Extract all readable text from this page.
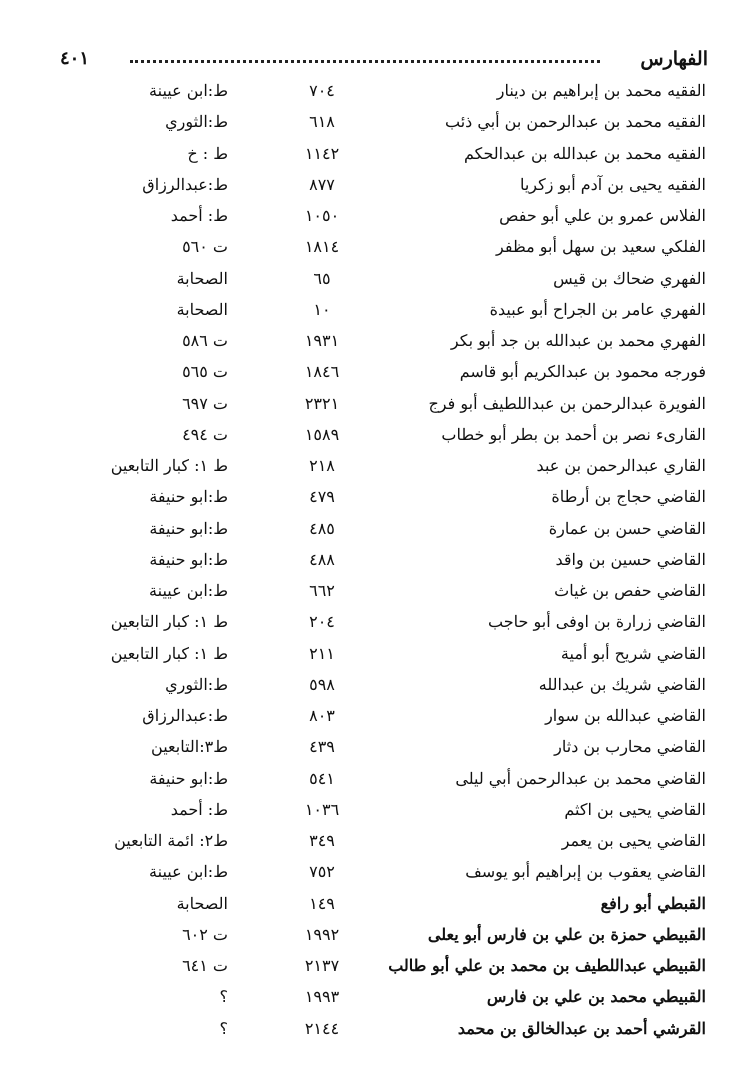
الفهارس
٤٠١
الفقيه محمد بن إبراهيم بن دينار
٧٠٤
ط:ابن عيينة
الفقيه محمد بن عبدالرحمن بن أبي ذئب
٦١٨
ط:الثوري
الفقيه محمد بن عبدالله بن عبدالحكم
١١٤٢
ط : خ
الفقيه يحيى بن آدم أبو زكريا
٨٧٧
ط:عبدالرزاق
الفلاس عمرو بن علي أبو حفص
١٠٥٠
ط: أحمد
الفلكي سعيد بن سهل أبو مظفر
١٨١٤
ت ٥٦٠
الفهري ضحاك بن قيس
٦٥
الصحابة
الفهري عامر بن الجراح أبو عبيدة
١٠
الصحابة
الفهري محمد بن عبدالله بن جد أبو بكر
١٩٣١
ت ٥٨٦
فورجه محمود بن عبدالكريم أبو قاسم
١٨٤٦
ت ٥٦٥
الفويرة عبدالرحمن بن عبداللطيف أبو فرج
٢٣٢١
ت ٦٩٧
القارىء نصر بن أحمد بن بطر أبو خطاب
١٥٨٩
ت ٤٩٤
القاري عبدالرحمن بن عبد
٢١٨
ط ١: كبار التابعين
القاضي حجاج بن أرطاة
٤٧٩
ط:ابو حنيفة
القاضي حسن بن عمارة
٤٨٥
ط:ابو حنيفة
القاضي حسين بن واقد
٤٨٨
ط:ابو حنيفة
القاضي حفص بن غياث
٦٦٢
ط:ابن عيينة
القاضي زرارة بن اوفى أبو حاجب
٢٠٤
ط ١: كبار التابعين
القاضي شريح أبو أمية
٢١١
ط ١: كبار التابعين
القاضي شريك بن عبدالله
٥٩٨
ط:الثوري
القاضي عبدالله بن سوار
٨٠٣
ط:عبدالرزاق
القاضي محارب بن دثار
٤٣٩
ط٣:التابعين
القاضي محمد بن عبدالرحمن أبي ليلى
٥٤١
ط:ابو حنيفة
القاضي يحيى بن اكثم
١٠٣٦
ط: أحمد
القاضي يحيى بن يعمر
٣٤٩
ط٢: ائمة التابعين
القاضي يعقوب بن إبراهيم أبو يوسف
٧٥٢
ط:ابن عيينة
القبطي أبو رافع
١٤٩
الصحابة
القبيطي حمزة بن علي بن فارس أبو يعلى
١٩٩٢
ت ٦٠٢
القبيطي عبداللطيف بن محمد بن علي أبو طالب
٢١٣٧
ت ٦٤١
القبيطي محمد بن علي بن فارس
١٩٩٣
؟
القرشي أحمد بن عبدالخالق بن محمد
٢١٤٤
؟
